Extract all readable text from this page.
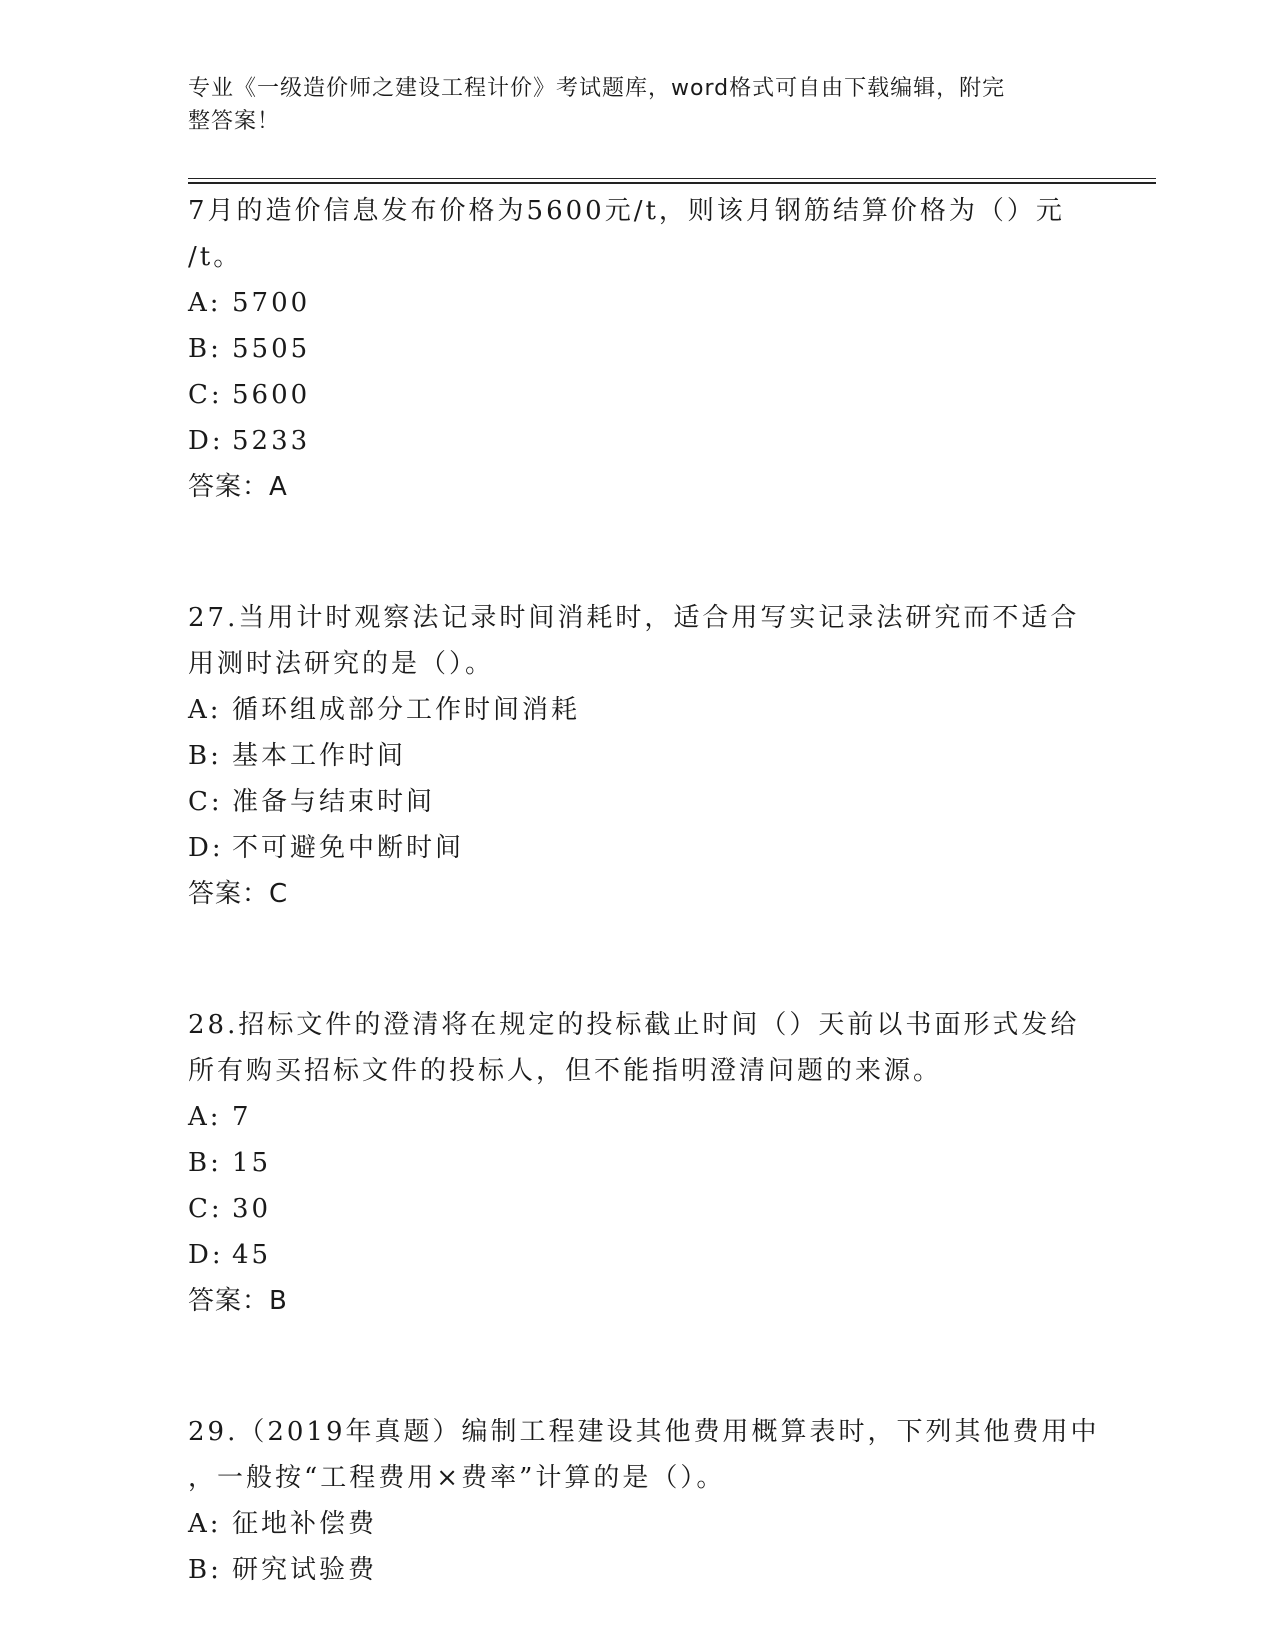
专业《一级造价师之建设工程计价》考试题库，word格式可自由下载编辑，附完
整答案！
7月的造价信息发布价格为5600元/t，则该月钢筋结算价格为（）元
/t。
A: 5700
B: 5505
C: 5600
D: 5233
答案：A
27.当用计时观察法记录时间消耗时，适合用写实记录法研究而不适合
用测时法研究的是（）。
A: 循环组成部分工作时间消耗
B: 基本工作时间
C: 准备与结束时间
D: 不可避免中断时间
答案：C
28.招标文件的澄清将在规定的投标截止时间（）天前以书面形式发给
所有购买招标文件的投标人，但不能指明澄清问题的来源。
A: 7
B: 15
C: 30
D: 45
答案：B
29.（2019年真题）编制工程建设其他费用概算表时，下列其他费用中
，一般按“工程费用×费率”计算的是（）。
A: 征地补偿费
B: 研究试验费
